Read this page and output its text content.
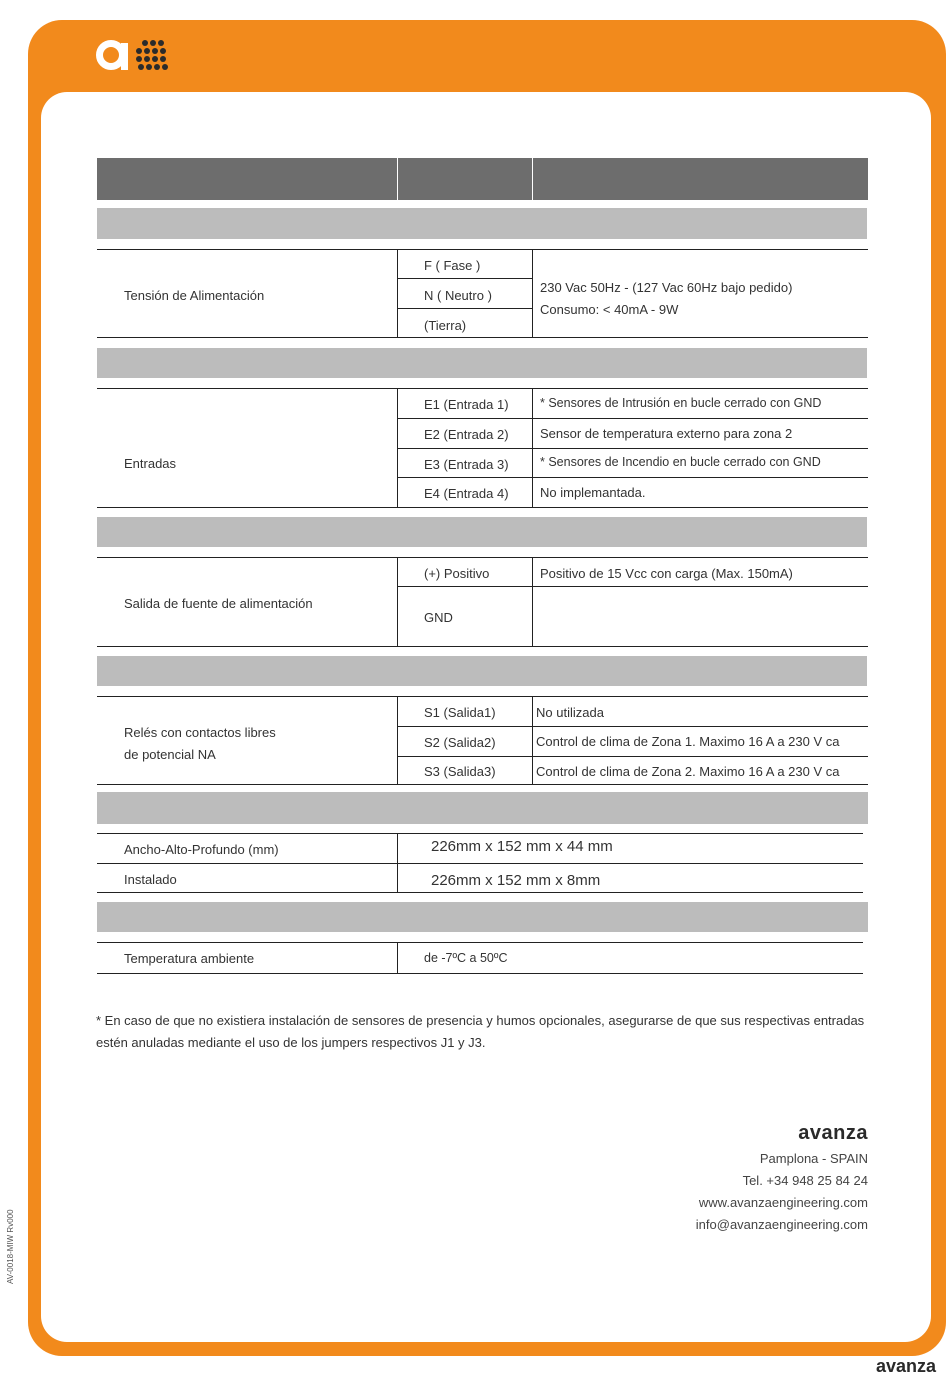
Tensión de Alimentación
F ( Fase )
N ( Neutro )
(Tierra)
230 Vac 50Hz - (127 Vac 60Hz bajo pedido)
Consumo: < 40mA - 9W
Entradas
E1 (Entrada 1)
E2 (Entrada 2)
E3 (Entrada 3)
E4 (Entrada 4)
* Sensores de Intrusión en bucle cerrado con GND
Sensor de temperatura externo para zona 2
* Sensores de Incendio en bucle cerrado con GND
No implemantada.
Salida de fuente de alimentación
(+) Positivo
GND
Positivo de 15 Vcc con carga (Max. 150mA)
Relés con contactos libres
de potencial NA
S1 (Salida1)
S2 (Salida2)
S3 (Salida3)
No utilizada
Control de clima de Zona 1. Maximo 16 A a 230 V ca
Control de clima de Zona 2. Maximo 16 A a 230 V ca
Ancho-Alto-Profundo (mm)
Instalado
226mm x 152 mm x 44 mm
226mm x 152 mm x 8mm
Temperatura ambiente	de -7ºC a 50ºC
* En caso de que no existiera instalación de sensores de presencia y humos opcionales, asegurarse de que sus respectivas entradas estén anuladas mediante el uso de los jumpers respectivos J1 y J3.
avanza
Pamplona - SPAIN
Tel. +34 948 25 84 24
www.avanzaengineering.com
info@avanzaengineering.com
AV-0018-MIW Rv000
avanza
